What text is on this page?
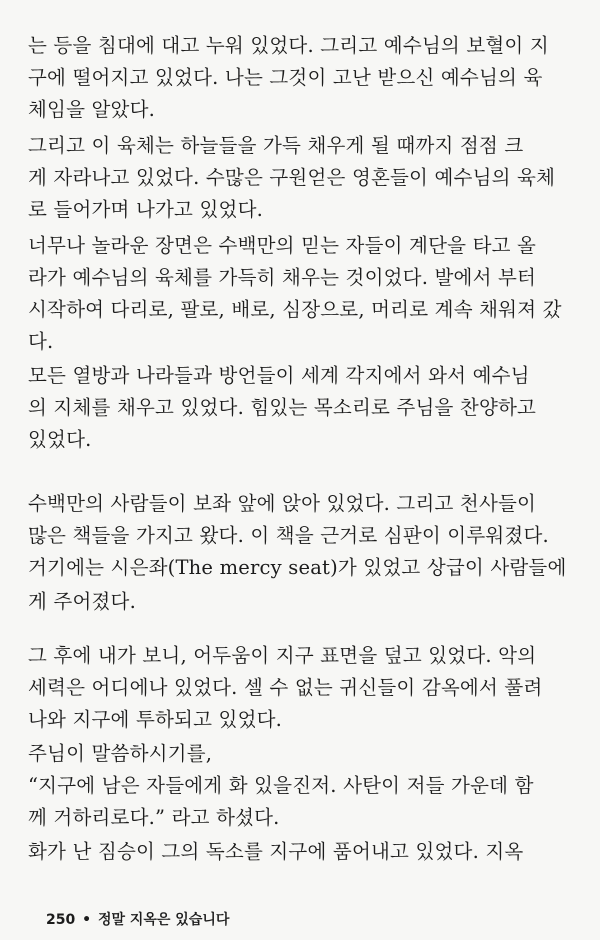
는 등을 침대에 대고 누워 있었다. 그리고 예수님의 보혈이 지
구에 떨어지고 있었다. 나는 그것이 고난 받으신 예수님의 육
체임을 알았다.
그리고 이 육체는 하늘들을 가득 채우게 될 때까지 점점 크
게 자라나고 있었다. 수많은 구원얻은 영혼들이 예수님의 육체
로 들어가며 나가고 있었다.
너무나 놀라운 장면은 수백만의 믿는 자들이 계단을 타고 올
라가 예수님의 육체를 가득히 채우는 것이었다. 발에서 부터
시작하여 다리로, 팔로, 배로, 심장으로, 머리로 계속 채워져 갔
다.
모든 열방과 나라들과 방언들이 세계 각지에서 와서 예수님
의 지체를 채우고 있었다. 힘있는 목소리로 주님을 찬양하고
있었다.
수백만의 사람들이 보좌 앞에 앉아 있었다. 그리고 천사들이
많은 책들을 가지고 왔다. 이 책을 근거로 심판이 이루워졌다.
거기에는 시은좌(The mercy seat)가 있었고 상급이 사람들에
게 주어졌다.
그 후에 내가 보니, 어두움이 지구 표면을 덮고 있었다. 악의
세력은 어디에나 있었다. 셀 수 없는 귀신들이 감옥에서 풀려
나와 지구에 투하되고 있었다.
주님이 말씀하시기를,
“지구에 남은 자들에게 화 있을진저. 사탄이 저들 가운데 함
께 거하리로다.” 라고 하셨다.
화가 난 짐승이 그의 독소를 지구에 품어내고 있었다. 지옥
250 • 정말 지옥은 있습니다
